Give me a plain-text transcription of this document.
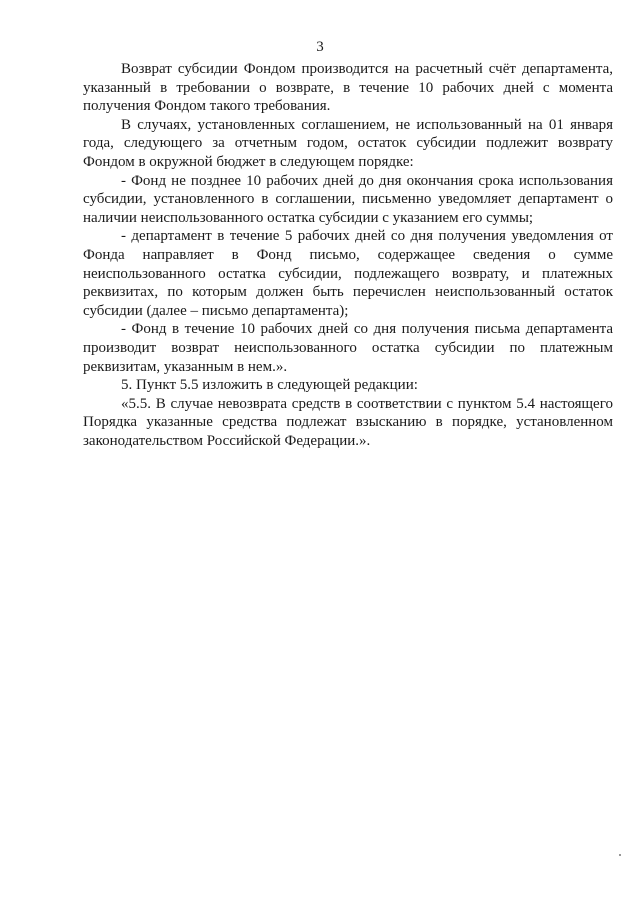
3

Возврат субсидии Фондом производится на расчетный счёт департамента, указанный в требовании о возврате, в течение 10 рабочих дней с момента получения Фондом такого требования.

В случаях, установленных соглашением, не использованный на 01 января года, следующего за отчетным годом, остаток субсидии подлежит возврату Фондом в окружной бюджет в следующем порядке:

- Фонд не позднее 10 рабочих дней до дня окончания срока использования субсидии, установленного в соглашении, письменно уведомляет департамент о наличии неиспользованного остатка субсидии с указанием его суммы;

- департамент в течение 5 рабочих дней со дня получения уведомления от Фонда направляет в Фонд письмо, содержащее сведения о сумме неиспользованного остатка субсидии, подлежащего возврату, и платежных реквизитах, по которым должен быть перечислен неиспользованный остаток субсидии (далее – письмо департамента);

- Фонд в течение 10 рабочих дней со дня получения письма департамента производит возврат неиспользованного остатка субсидии по платежным реквизитам, указанным в нем.».

5. Пункт 5.5 изложить в следующей редакции:

«5.5. В случае невозврата средств в соответствии с пунктом 5.4 настоящего Порядка указанные средства подлежат взысканию в порядке, установленном законодательством Российской Федерации.».
